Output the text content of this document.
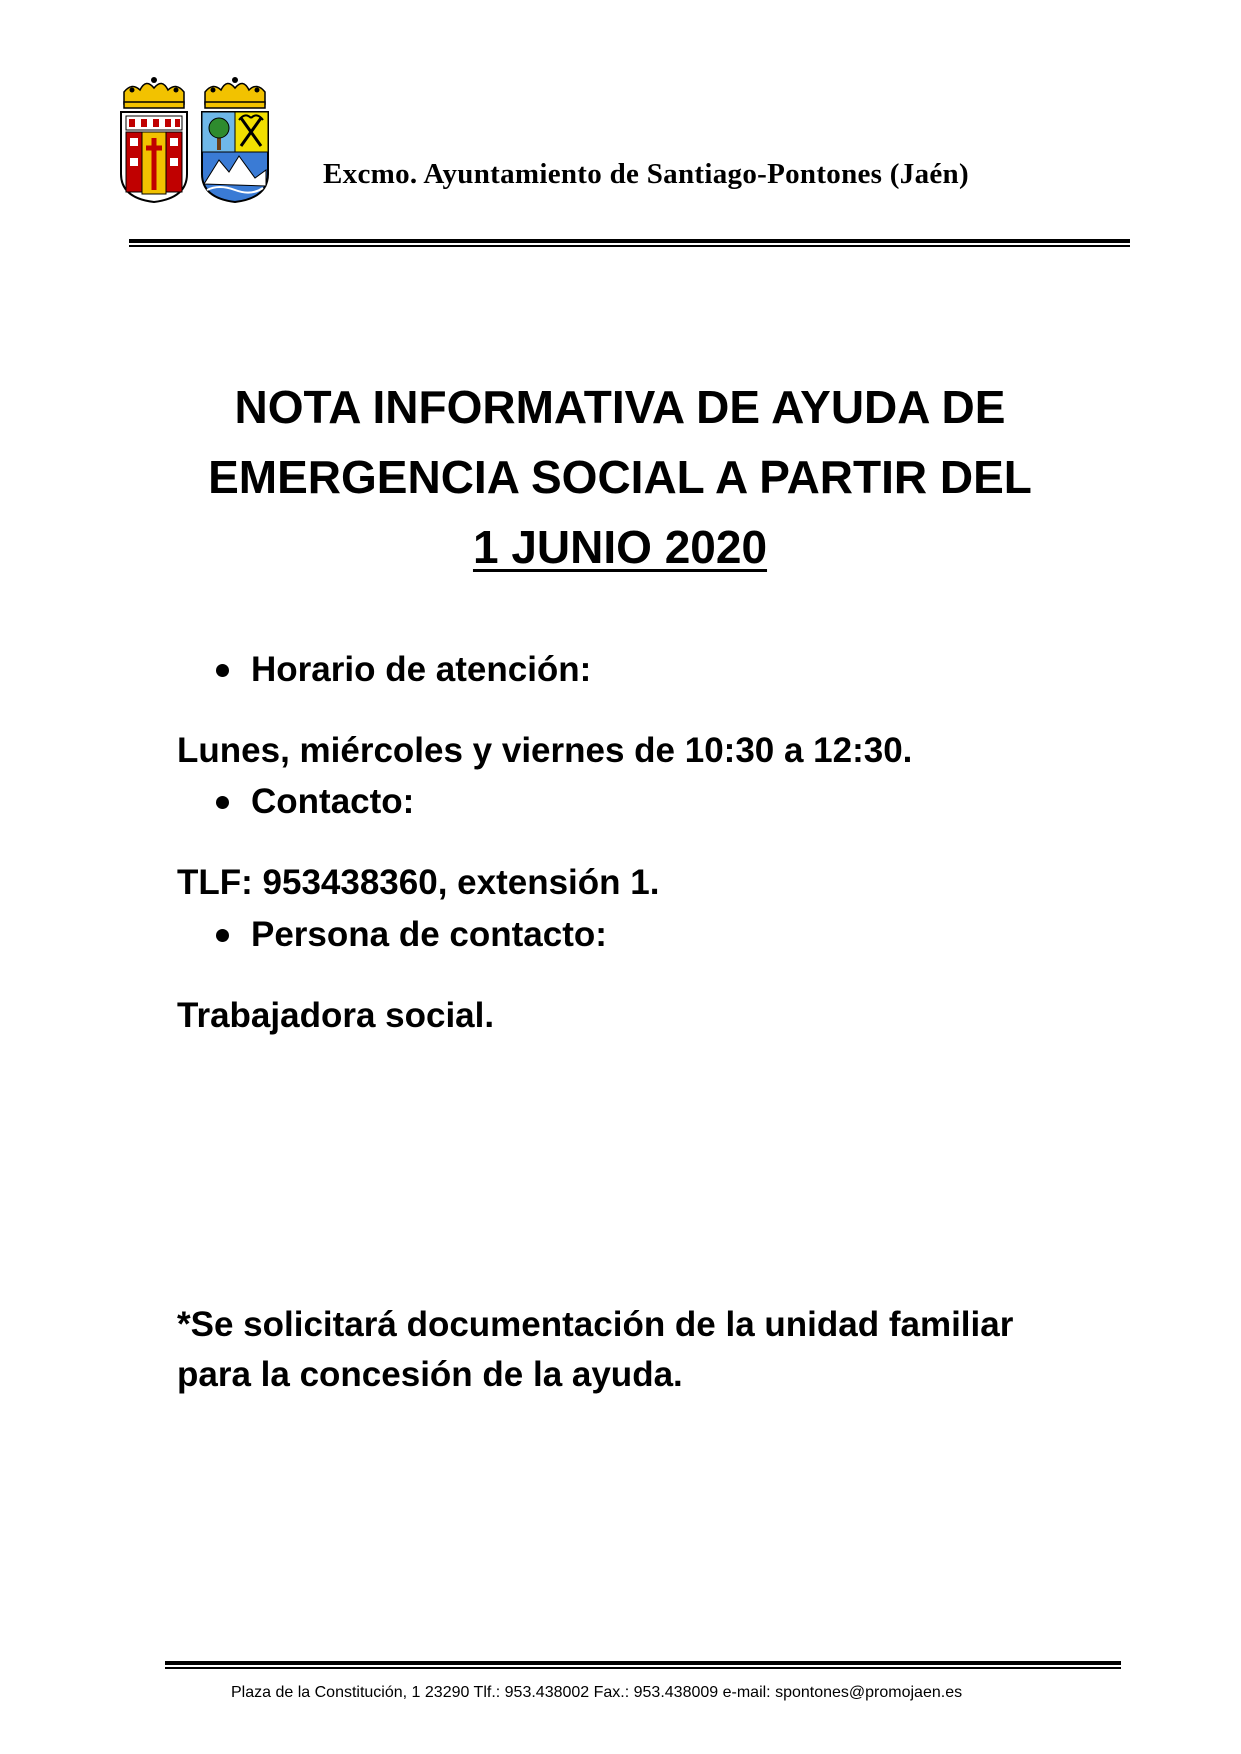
Excmo. Ayuntamiento de Santiago-Pontones (Jaén)
NOTA INFORMATIVA DE AYUDA DE
EMERGENCIA SOCIAL A PARTIR DEL
1 JUNIO 2020
Horario de atención:
Lunes, miércoles y viernes de 10:30 a 12:30.
Contacto:
TLF: 953438360, extensión 1.
Persona de contacto:
Trabajadora social.
*Se solicitará documentación de la unidad familiar
para la concesión de la ayuda.
Plaza de la Constitución, 1 23290 Tlf.: 953.438002 Fax.: 953.438009 e-mail: spontones@promojaen.es
